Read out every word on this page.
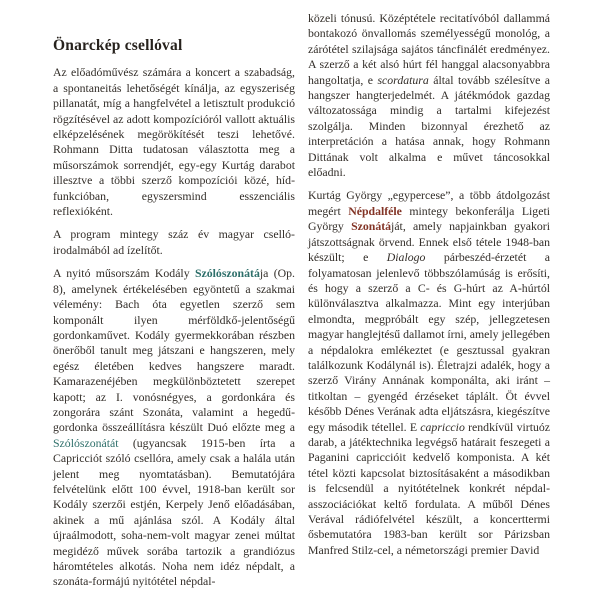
Önarckép csellóval

Az előadóművész számára a koncert a szabadság, a spontaneitás lehetőségét kínálja, az egyszeriség pillanatát, míg a hangfelvétel a letisztult produkció rögzítésével az adott kompozícióról vallott aktuális elképzelésének megörökítését teszi lehetővé. Rohmann Ditta tudatosan választotta meg a műsorszámok sorrendjét, egy-egy Kurtág darabot illesztve a többi szerző kompozíciói közé, híd-funkcióban, egyszersmind esszenciális reflexióként.

A program mintegy száz év magyar cselló-irodalmából ad ízelítőt.

A nyitó műsorszám Kodály Szólószonátája (Op. 8), amelynek értékelésében egyöntetű a szakmai vélemény: Bach óta egyetlen szerző sem komponált ilyen mérföldkő-jelentőségű gordonkaművet. Kodály gyermekkorában részben önerőből tanult meg játszani e hangszeren, mely egész életében kedves hangszere maradt. Kamarazenéjében megkülönböztetett szerepet kapott; az I. vonósnégyes, a gordonkára és zongorára szánt Szonáta, valamint a hegedű-gordonka összeállításra készült Duó előzte meg a Szólószonátát (ugyancsak 1915-ben írta a Capricciót szóló csellóra, amely csak a halála után jelent meg nyomtatásban). Bemutatójára felvételünk előtt 100 évvel, 1918-ban került sor Kodály szerzői estjén, Kerpely Jenő előadásában, akinek a mű ajánlása szól. A Kodály által újraálmodott, soha-nem-volt magyar zenei múltat megidéző művek sorába tartozik a grandiózus háromtételes alkotás. Noha nem idéz népdalt, a szonáta-formájú nyitótétel népdal-

közeli tónusú. Középtétele recitatívóból dallammá bontakozó önvallomás személyességű monológ, a zárótétel szilajsága sajátos táncfinálét eredményez. A szerző a két alsó húrt fél hanggal alacsonyabbra hangoltatja, e scordatura által tovább szélesítve a hangszer hangterjedelmét. A játékmódok gazdag változatossága mindig a tartalmi kifejezést szolgálja. Minden bizonnyal érezhető az interpretáción a hatása annak, hogy Rohmann Dittának volt alkalma e művet táncosokkal előadni.

Kurtág György „egypercese”, a több átdolgozást megért Népdalféle mintegy bekonferálja Ligeti György Szonátáját, amely napjainkban gyakori játszottságnak örvend. Ennek első tétele 1948-ban készült; e Dialogo párbeszéd-érzetét a folyamatosan jelenlevő többszólamúság is erősíti, és hogy a szerző a C- és G-húrt az A-húrtól különválasztva alkalmazza. Mint egy interjúban elmondta, megpróbált egy szép, jellegzetesen magyar hanglejtésű dallamot írni, amely jellegében a népdalokra emlékeztet (e gesztussal gyakran találkozunk Kodálynál is). Életrajzi adalék, hogy a szerző Virány Annának komponálta, aki iránt – titkoltan – gyengéd érzéseket táplált. Öt évvel később Dénes Verának adta eljátszásra, kiegészítve egy második tétellel. E capriccio rendkívül virtuóz darab, a játéktechnika legvégső határait feszegeti a Paganini capriccióit kedvelő komponista. A két tétel közti kapcsolat biztosításaként a másodikban is felcsendül a nyitótételnek konkrét népdal-asszociációkat keltő fordulata. A műből Dénes Verával rádiófelvétel készült, a koncerttermi ősbemutatóra 1983-ban került sor Párizsban Manfred Stilz-cel, a németországi premier David
